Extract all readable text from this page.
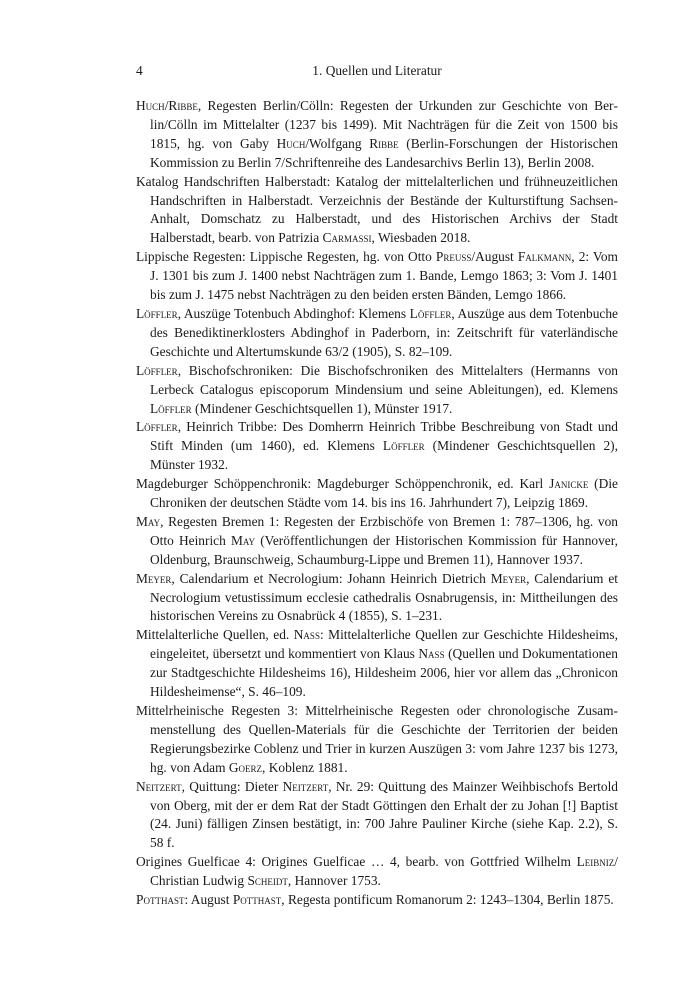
4	1. Quellen und Literatur
Huch/Ribbe, Regesten Berlin/Cölln: Regesten der Urkunden zur Geschichte von Berlin/Cölln im Mittelalter (1237 bis 1499). Mit Nachträgen für die Zeit von 1500 bis 1815, hg. von Gaby Huch/Wolfgang Ribbe (Berlin-Forschungen der Historischen Kommission zu Berlin 7/Schriftenreihe des Landesarchivs Berlin 13), Berlin 2008.
Katalog Handschriften Halberstadt: Katalog der mittelalterlichen und frühneuzeitlichen Handschriften in Halberstadt. Verzeichnis der Bestände der Kulturstiftung Sachsen-Anhalt, Domschatz zu Halberstadt, und des Historischen Archivs der Stadt Halberstadt, bearb. von Patrizia Carmassi, Wiesbaden 2018.
Lippische Regesten: Lippische Regesten, hg. von Otto Preuss/August Falkmann, 2: Vom J. 1301 bis zum J. 1400 nebst Nachträgen zum 1. Bande, Lemgo 1863; 3: Vom J. 1401 bis zum J. 1475 nebst Nachträgen zu den beiden ersten Bänden, Lemgo 1866.
Löffler, Auszüge Totenbuch Abdinghof: Klemens Löffler, Auszüge aus dem Totenbuche des Benediktinerklosters Abdinghof in Paderborn, in: Zeitschrift für vaterländische Geschichte und Altertumskunde 63/2 (1905), S. 82–109.
Löffler, Bischofschroniken: Die Bischofschroniken des Mittelalters (Hermanns von Lerbeck Catalogus episcoporum Mindensium und seine Ableitungen), ed. Klemens Löffler (Mindener Geschichtsquellen 1), Münster 1917.
Löffler, Heinrich Tribbe: Des Domherrn Heinrich Tribbe Beschreibung von Stadt und Stift Minden (um 1460), ed. Klemens Löffler (Mindener Geschichtsquellen 2), Münster 1932.
Magdeburger Schöppenchronik: Magdeburger Schöppenchronik, ed. Karl Janicke (Die Chroniken der deutschen Städte vom 14. bis ins 16. Jahrhundert 7), Leipzig 1869.
May, Regesten Bremen 1: Regesten der Erzbischöfe von Bremen 1: 787–1306, hg. von Otto Heinrich May (Veröffentlichungen der Historischen Kommission für Hannover, Oldenburg, Braunschweig, Schaumburg-Lippe und Bremen 11), Hannover 1937.
Meyer, Calendarium et Necrologium: Johann Heinrich Dietrich Meyer, Calendarium et Necrologium vetustissimum ecclesie cathedralis Osnabrugensis, in: Mittheilungen des historischen Vereins zu Osnabrück 4 (1855), S. 1–231.
Mittelalterliche Quellen, ed. Nass: Mittelalterliche Quellen zur Geschichte Hildesheims, eingeleitet, übersetzt und kommentiert von Klaus Nass (Quellen und Dokumentationen zur Stadtgeschichte Hildesheims 16), Hildesheim 2006, hier vor allem das „Chronicon Hildesheimense“, S. 46–109.
Mittelrheinische Regesten 3: Mittelrheinische Regesten oder chronologische Zusammenstellung des Quellen-Materials für die Geschichte der Territorien der beiden Regierungsbezirke Coblenz und Trier in kurzen Auszügen 3: vom Jahre 1237 bis 1273, hg. von Adam Goerz, Koblenz 1881.
Neitzert, Quittung: Dieter Neitzert, Nr. 29: Quittung des Mainzer Weihbischofs Bertold von Oberg, mit der er dem Rat der Stadt Göttingen den Erhalt der zu Johan [!] Baptist (24. Juni) fälligen Zinsen bestätigt, in: 700 Jahre Pauliner Kirche (siehe Kap. 2.2), S. 58 f.
Origines Guelficae 4: Origines Guelficae … 4, bearb. von Gottfried Wilhelm Leibniz/ Christian Ludwig Scheidt, Hannover 1753.
Potthast: August Potthast, Regesta pontificum Romanorum 2: 1243–1304, Berlin 1875.
